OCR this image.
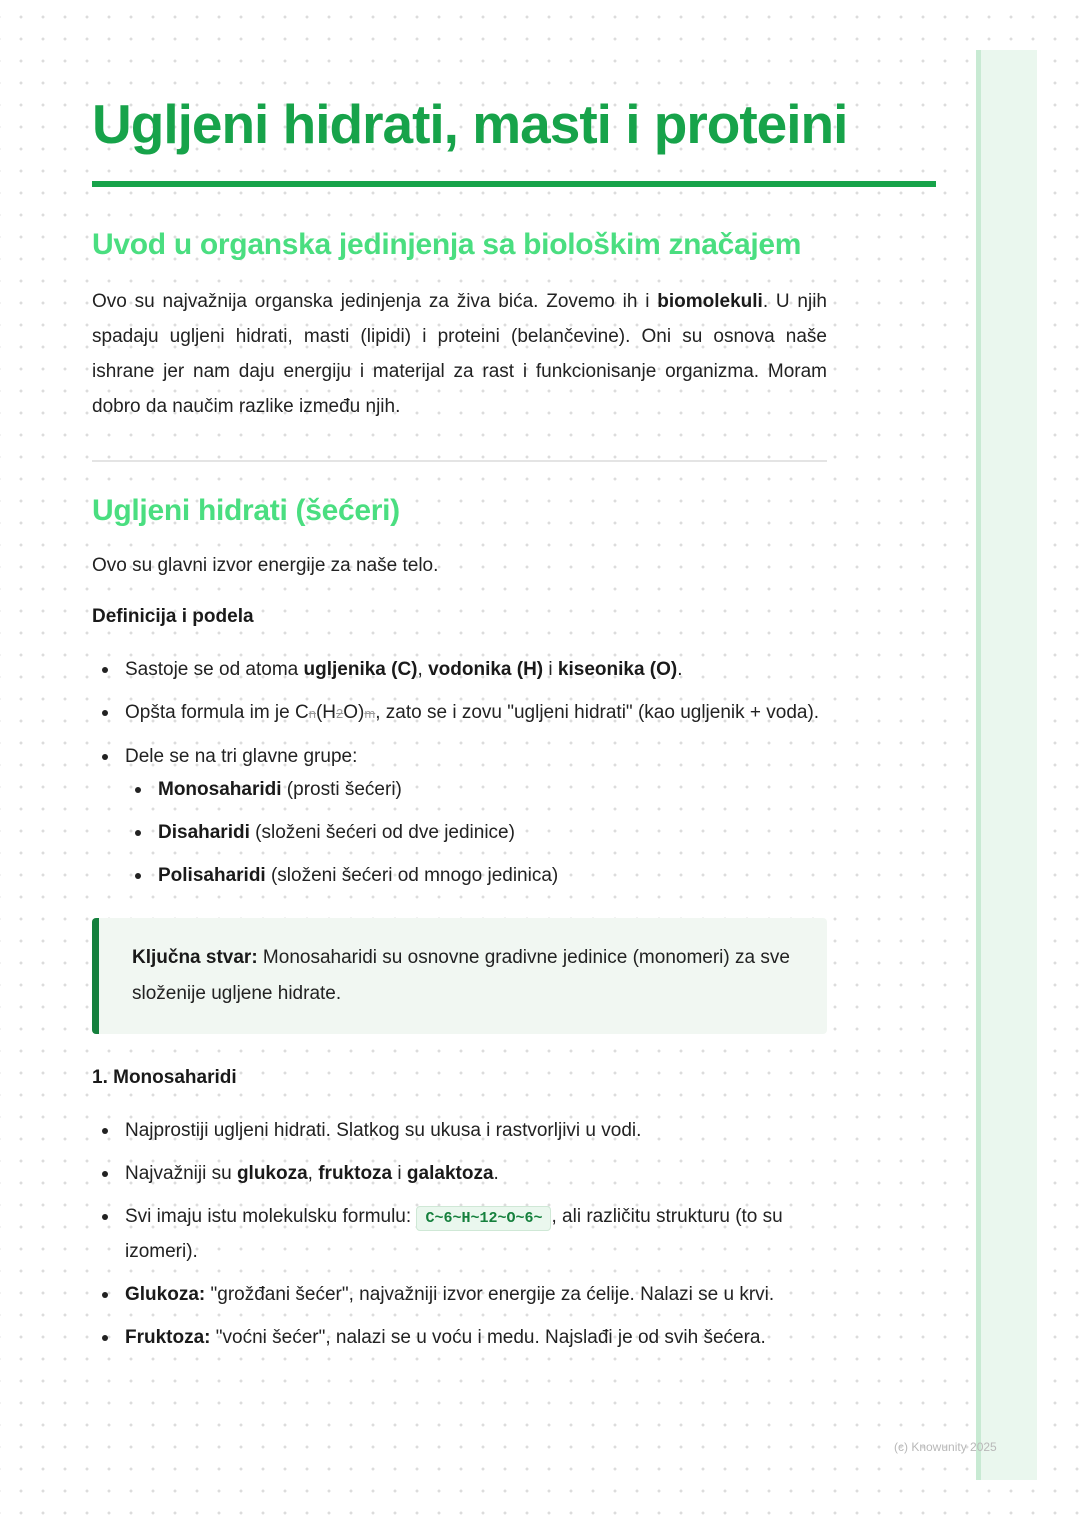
(c) Knowunity 2025
Ugljeni hidrati, masti i proteini
Uvod u organska jedinjenja sa biološkim značajem

Ovo su najvažnija organska jedinjenja za živa bića. Zovemo ih i biomolekuli. U njih spadaju ugljeni hidrati, masti (lipidi) i proteini (belančevine). Oni su osnova naše ishrane jer nam daju energiju i materijal za rast i funkcionisanje organizma. Moram dobro da naučim razlike između njih.

Ugljeni hidrati (šećeri)

Ovo su glavni izvor energije za naše telo.

Definicija i podela
Sastoje se od atoma ugljenika (C), vodonika (H) i kiseonika (O).
Opšta formula im je Cn(H2O)m, zato se i zovu "ugljeni hidrati" (kao ugljenik + voda).
Dele se na tri glavne grupe:
Monosaharidi (prosti šećeri)
Disaharidi (složeni šećeri od dve jedinice)
Polisaharidi (složeni šećeri od mnogo jedinica)
Ključna stvar: Monosaharidi su osnovne gradivne jedinice (monomeri) za sve složenije ugljene hidrate.
1. Monosaharidi
Najprostiji ugljeni hidrati. Slatkog su ukusa i rastvorljivi u vodi.
Najvažniji su glukoza, fruktoza i galaktoza.
Svi imaju istu molekulsku formulu: C~6~H~12~O~6~ , ali različitu strukturu (to su izomeri).
Glukoza: "grožđani šećer", najvažniji izvor energije za ćelije. Nalazi se u krvi.
Fruktoza: "voćni šećer", nalazi se u voću i medu. Najslađi je od svih šećera.
